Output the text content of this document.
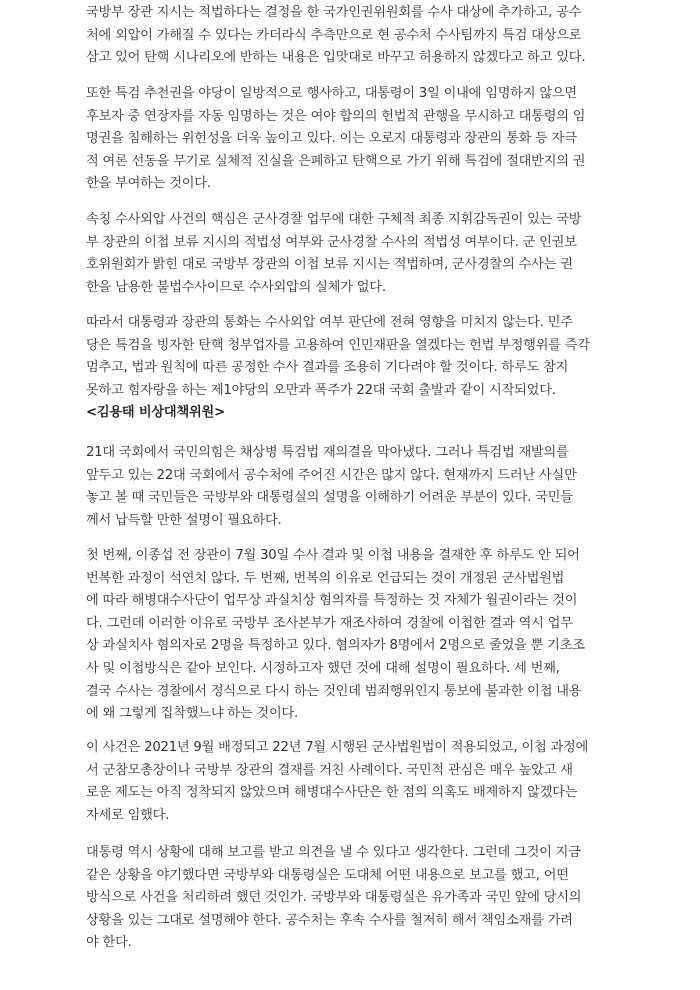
국방부 장관 지시는 적법하다는 결정을 한 국가인권위원회를 수사 대상에 추가하고, 공수
처에 외압이 가해질 수 있다는 카더라식 추측만으로 현 공수처 수사팀까지 특검 대상으로
삼고 있어 탄핵 시나리오에 반하는 내용은 입맛대로 바꾸고 허용하지 않겠다고 하고 있다.

또한 특검 추천권을 야당이 일방적으로 행사하고, 대통령이 3일 이내에 임명하지 않으면
후보자 중 연장자를 자동 임명하는 것은 여야 합의의 헌법적 관행을 무시하고 대통령의 임
명권을 침해하는 위헌성을 더욱 높이고 있다. 이는 오로지 대통령과 장관의 통화 등 자극
적 여론 선동을 무기로 실체적 진실을 은폐하고 탄핵으로 가기 위해 특검에 절대반지의 권
한을 부여하는 것이다.

속칭 수사외압 사건의 핵심은 군사경찰 업무에 대한 구체적 최종 지휘감독권이 있는 국방
부 장관의 이첩 보류 지시의 적법성 여부와 군사경찰 수사의 적법성 여부이다. 군 인권보
호위원회가 밝힌 대로 국방부 장관의 이첩 보류 지시는 적법하며, 군사경찰의 수사는 권
한을 남용한 불법수사이므로 수사외압의 실체가 없다.

따라서 대통령과 장관의 통화는 수사외압 여부 판단에 전혀 영향을 미치지 않는다. 민주
당은 특검을 빙자한 탄핵 청부업자를 고용하여 인민재판을 열겠다는 헌법 부정행위를 즉각
멈추고, 법과 원칙에 따른 공정한 수사 결과를 조용히 기다려야 할 것이다. 하루도 참지
못하고 힘자랑을 하는 제1야당의 오만과 폭주가 22대 국회 출발과 같이 시작되었다.

<김용태 비상대책위원>

21대 국회에서 국민의힘은 채상병 특검법 재의결을 막아냈다. 그러나 특검법 재발의를
앞두고 있는 22대 국회에서 공수처에 주어진 시간은 많지 않다. 현재까지 드러난 사실만
놓고 볼 때 국민들은 국방부와 대통령실의 설명을 이해하기 어려운 부분이 있다. 국민들
께서 납득할 만한 설명이 필요하다.

첫 번째, 이종섭 전 장관이 7월 30일 수사 결과 및 이첩 내용을 결재한 후 하루도 안 되어
번복한 과정이 석연치 않다. 두 번째, 번복의 이유로 언급되는 것이 개정된 군사법원법
에 따라 해병대수사단이 업무상 과실치상 혐의자를 특정하는 것 자체가 월권이라는 것이
다. 그런데 이러한 이유로 국방부 조사본부가 재조사하여 경찰에 이첩한 결과 역시 업무
상 과실치사 혐의자로 2명을 특정하고 있다. 혐의자가 8명에서 2명으로 줄었을 뿐 기초조
사 및 이첩방식은 같아 보인다. 시정하고자 했던 것에 대해 설명이 필요하다. 세 번째,
결국 수사는 경찰에서 정식으로 다시 하는 것인데 범죄행위인지 통보에 불과한 이첩 내용
에 왜 그렇게 집착했느냐 하는 것이다.

이 사건은 2021년 9월 배정되고 22년 7월 시행된 군사법원법이 적용되었고, 이첩 과정에
서 군참모총장이나 국방부 장관의 결재를 거친 사례이다. 국민적 관심은 매우 높았고 새
로운 제도는 아직 정착되지 않았으며 해병대수사단은 한 점의 의혹도 배제하지 않겠다는
자세로 임했다.

대통령 역시 상황에 대해 보고를 받고 의견을 낼 수 있다고 생각한다. 그런데 그것이 지금
같은 상황을 야기했다면 국방부와 대통령실은 도대체 어떤 내용으로 보고를 했고, 어떤
방식으로 사건을 처리하려 했던 것인가. 국방부와 대통령실은 유가족과 국민 앞에 당시의
상황을 있는 그대로 설명해야 한다. 공수처는 후속 수사를 철저히 해서 책임소재를 가려
야 한다.
